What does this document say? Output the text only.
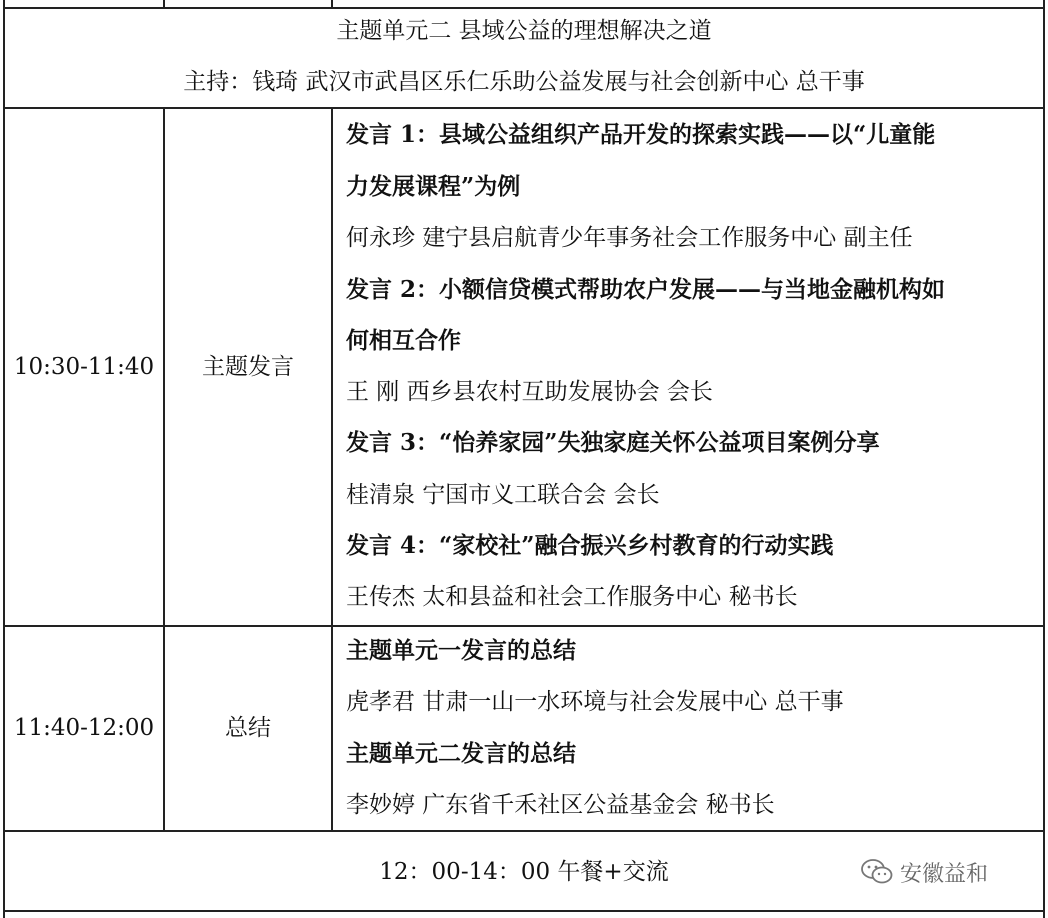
主题单元二 县域公益的理想解决之道
主持：钱琦 武汉市武昌区乐仁乐助公益发展与社会创新中心 总干事
10:30-11:40	主题发言
发言 1：县域公益组织产品开发的探索实践——以“儿童能
力发展课程”为例
何永珍 建宁县启航青少年事务社会工作服务中心 副主任
发言 2：小额信贷模式帮助农户发展——与当地金融机构如
何相互合作
王 刚 西乡县农村互助发展协会 会长
发言 3：“怡养家园”失独家庭关怀公益项目案例分享
桂清泉 宁国市义工联合会 会长
发言 4：“家校社”融合振兴乡村教育的行动实践
王传杰 太和县益和社会工作服务中心 秘书长
11:40-12:00	总结
主题单元一发言的总结
虎孝君 甘肃一山一水环境与社会发展中心 总干事
主题单元二发言的总结
李妙婷 广东省千禾社区公益基金会 秘书长
12：00-14：00 午餐+交流	安徽益和
